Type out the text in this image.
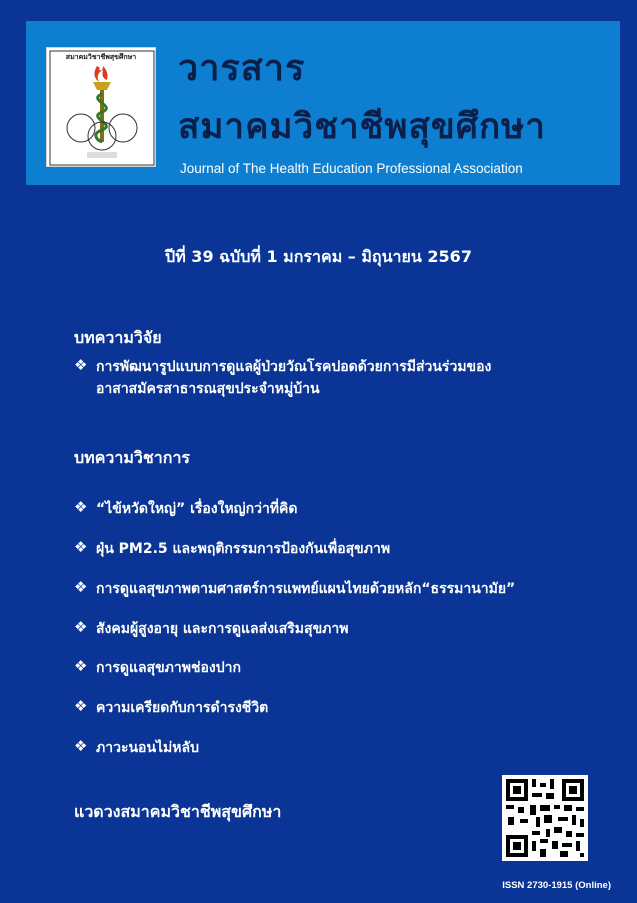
สมาคมวิชาชีพสุขศึกษา	วารสาร
สมาคมวิชาชีพสุขศึกษา
Journal of The Health Education Professional Association
ปีที่ 39 ฉบับที่ 1 มกราคม – มิถุนายน 2567
บทความวิจัย
❖ การพัฒนารูปแบบการดูแลผู้ป่วยวัณโรคปอดด้วยการมีส่วนร่วมของอาสาสมัครสาธารณสุขประจำหมู่บ้าน
บทความวิชาการ
❖ “ไข้หวัดใหญ่” เรื่องใหญ่กว่าที่คิด
❖ ฝุ่น PM2.5 และพฤติกรรมการป้องกันเพื่อสุขภาพ
❖ การดูแลสุขภาพตามศาสตร์การแพทย์แผนไทยด้วยหลัก“ธรรมานามัย”
❖ สังคมผู้สูงอายุ และการดูแลส่งเสริมสุขภาพ
❖ การดูแลสุขภาพช่องปาก
❖ ความเครียดกับการดำรงชีวิต
❖ ภาวะนอนไม่หลับ
แวดวงสมาคมวิชาชีพสุขศึกษา
ISSN 2730-1915 (Online)
